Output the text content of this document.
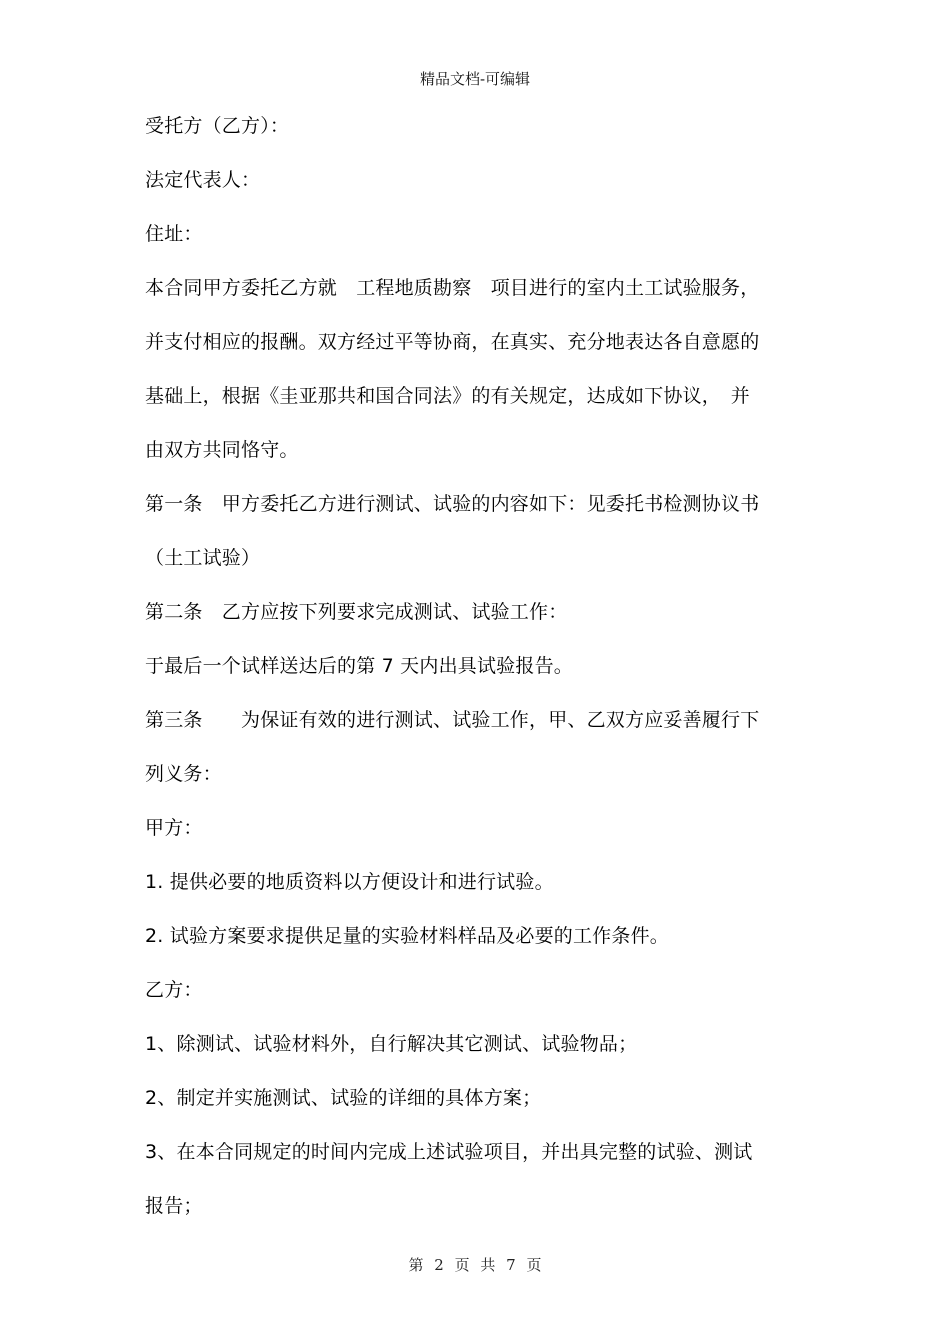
精品文档-可编辑
受托方（乙方）：
法定代表人：
住址：
本合同甲方委托乙方就　工程地质勘察　项目进行的室内土工试验服务，
并支付相应的报酬。双方经过平等协商，在真实、充分地表达各自意愿的
基础上，根据《圭亚那共和国合同法》的有关规定，达成如下协议，　并
由双方共同恪守。
第一条　甲方委托乙方进行测试、试验的内容如下：见委托书检测协议书
（土工试验）
第二条　乙方应按下列要求完成测试、试验工作：
于最后一个试样送达后的第 7 天内出具试验报告。
第三条　　为保证有效的进行测试、试验工作，甲、乙双方应妥善履行下
列义务：
甲方：
1. 提供必要的地质资料以方便设计和进行试验。
2. 试验方案要求提供足量的实验材料样品及必要的工作条件。
乙方：
1、除测试、试验材料外，自行解决其它测试、试验物品；
2、制定并实施测试、试验的详细的具体方案；
3、在本合同规定的时间内完成上述试验项目，并出具完整的试验、测试
报告；
第 2 页 共 7 页
